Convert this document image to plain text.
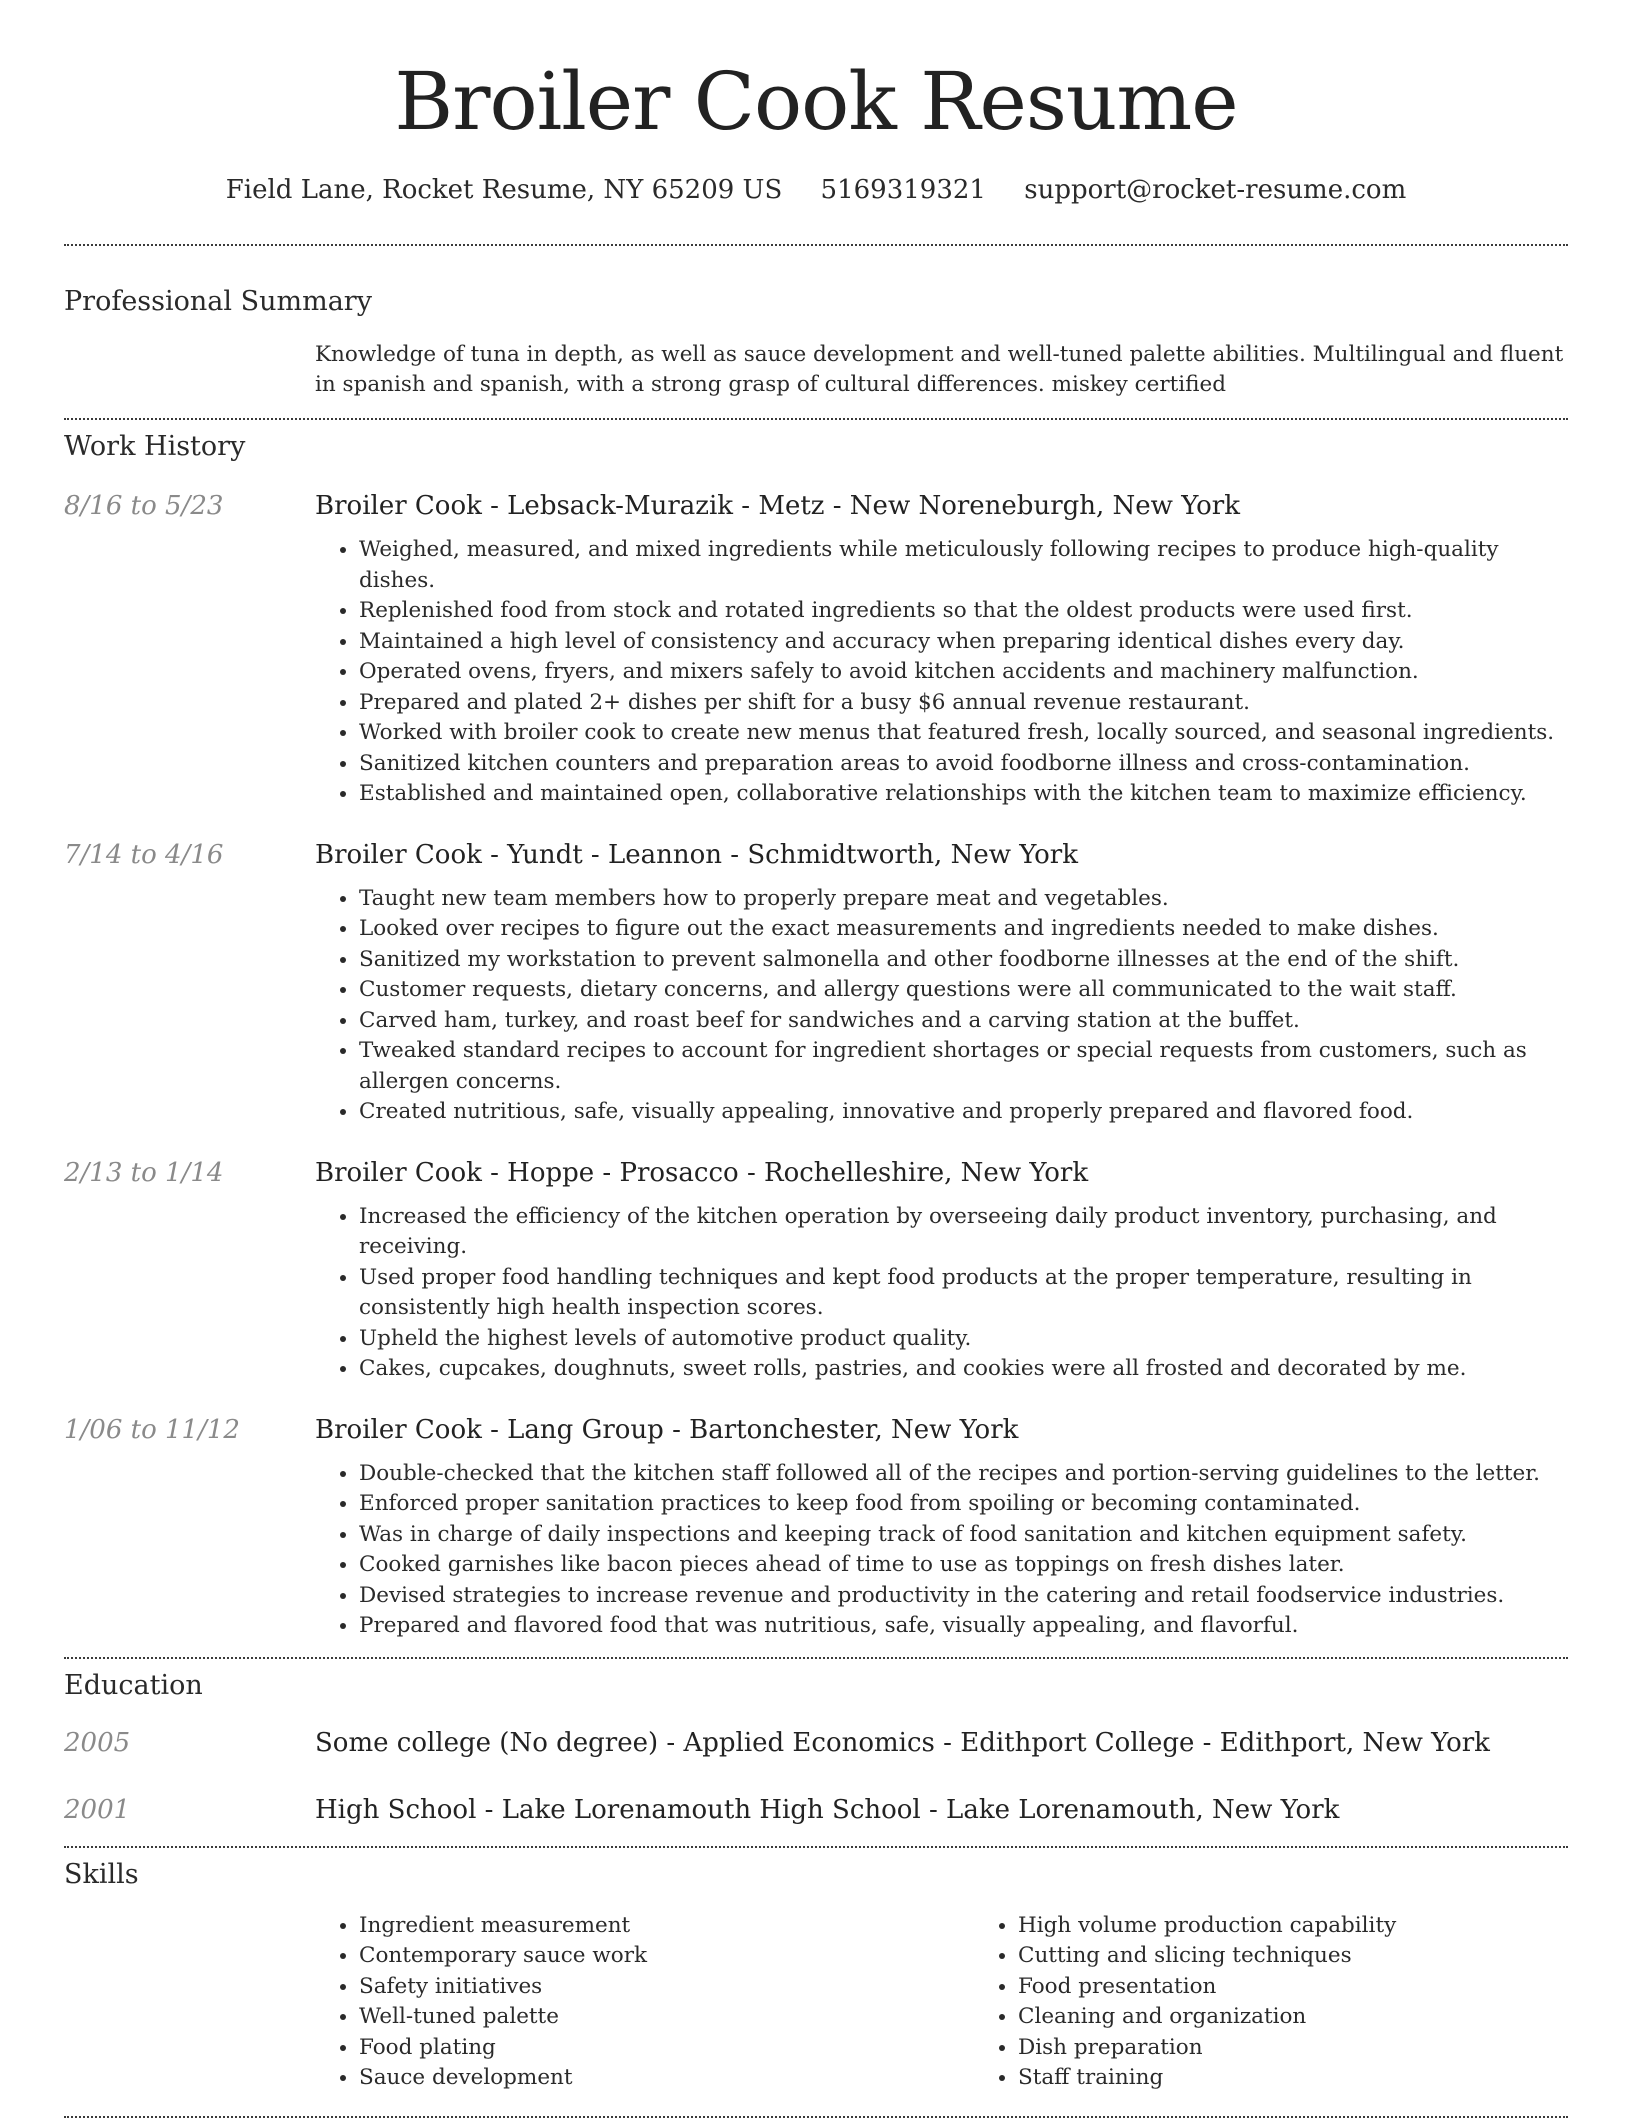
Broiler Cook Resume
Field Lane, Rocket Resume, NY 65209 US 5169319321 support@rocket-resume.com
Professional Summary
Knowledge of tuna in depth, as well as sauce development and well-tuned palette abilities. Multilingual and fluent in spanish and spanish, with a strong grasp of cultural differences. miskey certified
Work History
8/16 to 5/23	Broiler Cook - Lebsack-Murazik - Metz - New Noreneburgh, New York
• Weighed, measured, and mixed ingredients while meticulously following recipes to produce high-quality dishes.
• Replenished food from stock and rotated ingredients so that the oldest products were used first.
• Maintained a high level of consistency and accuracy when preparing identical dishes every day.
• Operated ovens, fryers, and mixers safely to avoid kitchen accidents and machinery malfunction.
• Prepared and plated 2+ dishes per shift for a busy $6 annual revenue restaurant.
• Worked with broiler cook to create new menus that featured fresh, locally sourced, and seasonal ingredients.
• Sanitized kitchen counters and preparation areas to avoid foodborne illness and cross-contamination.
• Established and maintained open, collaborative relationships with the kitchen team to maximize efficiency.
7/14 to 4/16	Broiler Cook - Yundt - Leannon - Schmidtworth, New York
• Taught new team members how to properly prepare meat and vegetables.
• Looked over recipes to figure out the exact measurements and ingredients needed to make dishes.
• Sanitized my workstation to prevent salmonella and other foodborne illnesses at the end of the shift.
• Customer requests, dietary concerns, and allergy questions were all communicated to the wait staff.
• Carved ham, turkey, and roast beef for sandwiches and a carving station at the buffet.
• Tweaked standard recipes to account for ingredient shortages or special requests from customers, such as allergen concerns.
• Created nutritious, safe, visually appealing, innovative and properly prepared and flavored food.
2/13 to 1/14	Broiler Cook - Hoppe - Prosacco - Rochelleshire, New York
• Increased the efficiency of the kitchen operation by overseeing daily product inventory, purchasing, and receiving.
• Used proper food handling techniques and kept food products at the proper temperature, resulting in consistently high health inspection scores.
• Upheld the highest levels of automotive product quality.
• Cakes, cupcakes, doughnuts, sweet rolls, pastries, and cookies were all frosted and decorated by me.
1/06 to 11/12	Broiler Cook - Lang Group - Bartonchester, New York
• Double-checked that the kitchen staff followed all of the recipes and portion-serving guidelines to the letter.
• Enforced proper sanitation practices to keep food from spoiling or becoming contaminated.
• Was in charge of daily inspections and keeping track of food sanitation and kitchen equipment safety.
• Cooked garnishes like bacon pieces ahead of time to use as toppings on fresh dishes later.
• Devised strategies to increase revenue and productivity in the catering and retail foodservice industries.
• Prepared and flavored food that was nutritious, safe, visually appealing, and flavorful.
Education
2005	Some college (No degree) - Applied Economics - Edithport College - Edithport, New York
2001	High School - Lake Lorenamouth High School - Lake Lorenamouth, New York
Skills
• Ingredient measurement
• Contemporary sauce work
• Safety initiatives
• Well-tuned palette
• Food plating
• Sauce development
• High volume production capability
• Cutting and slicing techniques
• Food presentation
• Cleaning and organization
• Dish preparation
• Staff training
